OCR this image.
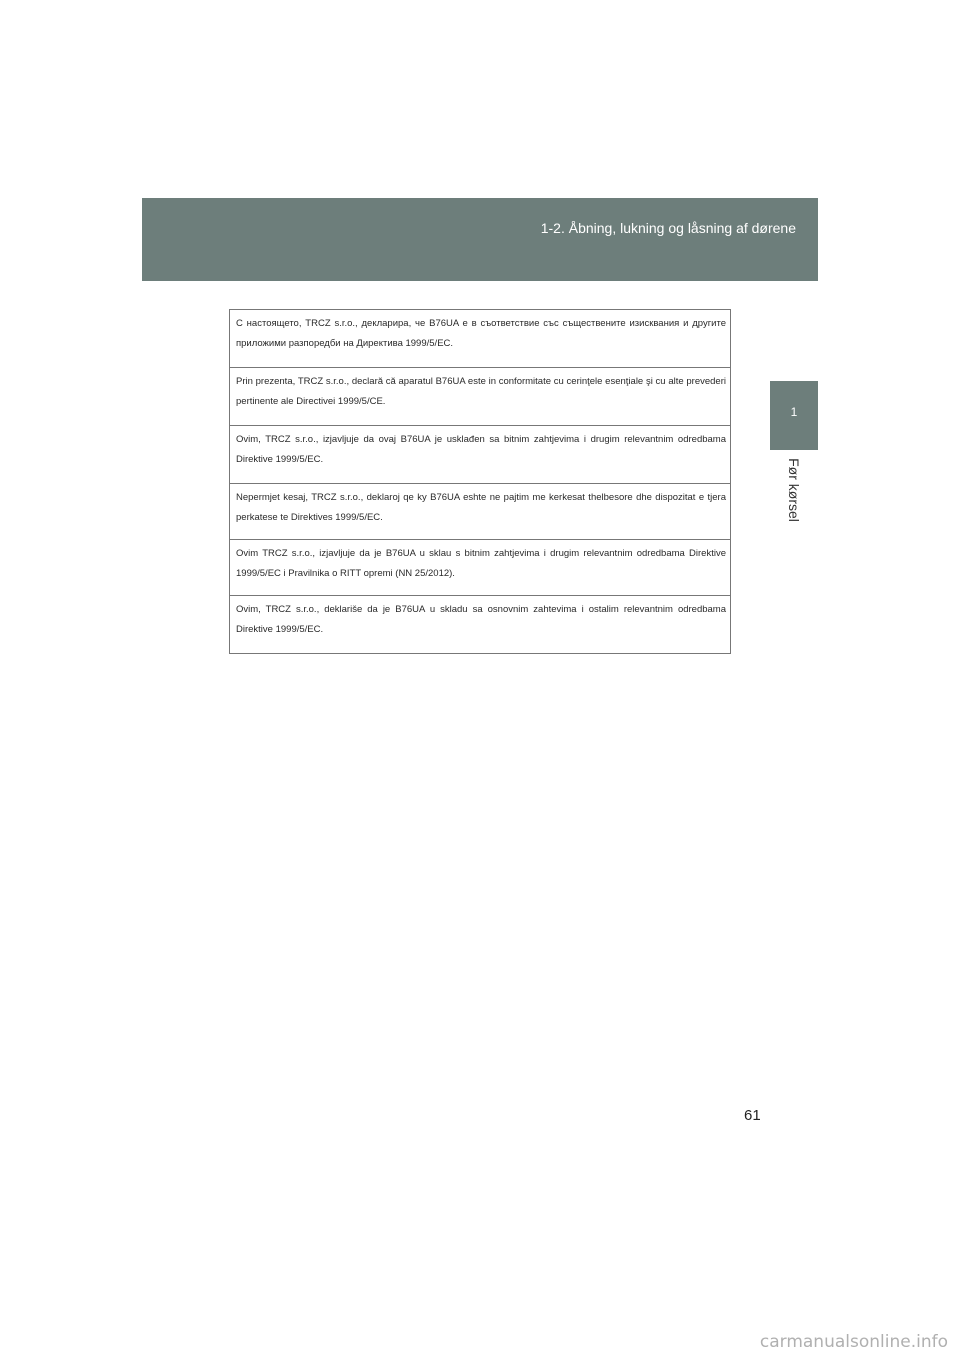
1-2. Åbning, lukning og låsning af dørene
1
Før kørsel
С настоящето, TRCZ s.r.o., декларира, че B76UA е в съответствие със съществените изисквания и другите приложими разпоредби на Директива 1999/5/EC.
Prin prezenta, TRCZ s.r.o., declară că aparatul B76UA este in conformitate cu cerinţele esenţiale şi cu alte prevederi pertinente ale Directivei 1999/5/CE.
Ovim, TRCZ s.r.o., izjavljuje da ovaj B76UA je usklađen sa bitnim zahtjevima i drugim relevantnim odredbama Direktive 1999/5/EC.
Nepermjet kesaj, TRCZ s.r.o., deklaroj qe ky B76UA eshte ne pajtim me kerkesat thelbesore dhe dispozitat e tjera perkatese te Direktives 1999/5/EC.
Ovim TRCZ s.r.o., izjavljuje da je B76UA u sklau s bitnim zahtjevima i drugim relevantnim odredbama Direktive 1999/5/EC i Pravilnika o RITT opremi (NN 25/2012).
Ovim, TRCZ s.r.o., deklariše da je B76UA u skladu sa osnovnim zahtevima i ostalim relevantnim odredbama Direktive 1999/5/EC.
61
carmanualsonline.info
